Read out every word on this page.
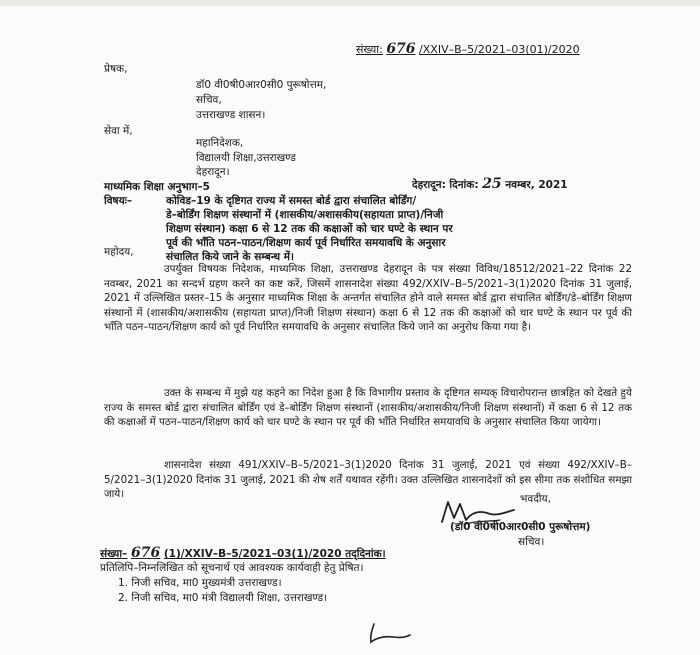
संख्या: 676 /XXIV–B–5/2021–03(01)/2020
प्रेषक,
डॉ0 वी0षी0आर0सी0 पुरूषोत्तम,
सचिव,
उत्तराखण्ड शासन।
सेवा में,
महानिदेशक,
विद्यालयी शिक्षा,उत्तराखण्ड
देहरादून।
माध्यमिक शिक्षा अनुभाग–5	देहरादून: दिनांक: 25 नवम्बर, 2021
विषयः–	कोविड–19 के दृष्टिगत राज्य में समस्त बोर्ड द्वारा संचालित बोर्डिंग/
डे–बोर्डिंग शिक्षण संस्थानों में (शासकीय/अशासकीय(सहायता प्राप्त)/निजी
शिक्षण संस्थान) कक्षा 6 से 12 तक की कक्षाओं को चार घण्टे के स्थान पर
पूर्व की भाँति पठन–पाठन/शिक्षण कार्य पूर्व निर्धारित समयावधि के अनुसार
संचालित किये जाने के सम्बन्ध में।
महोदय,
उपर्युक्त विषयक निदेशक, माध्यमिक शिक्षा, उत्तराखण्ड देहरादून के पत्र संख्या विविध/18512/2021–22 दिनांक 22 नवम्बर, 2021 का सन्दर्भ ग्रहण करने का कष्ट करें, जिसमें शासनादेश संख्या 492/XXIV–B–5/2021–3(1)2020 दिनांक 31 जुलाई, 2021 में उल्लिखित प्रस्तर–15 के अनुसार माध्यमिक शिक्षा के अन्तर्गत संचालित होने वाले समस्त बोर्ड द्वारा संचालित बोर्डिंग/डे–बोर्डिंग शिक्षण संस्थानों में (शासकीय/अशासकीय (सहायता प्राप्त)/निजी शिक्षण संस्थान) कक्षा 6 से 12 तक की कक्षाओं को चार घण्टे के स्थान पर पूर्व की भाँति पठन–पाठन/शिक्षण कार्य को पूर्व निर्धारित समयावधि के अनुसार संचालित किये जाने का अनुरोध किया गया है।
उक्त के सम्बन्ध में मुझे यह कहने का निदेश हुआ है कि विभागीय प्रस्ताव के दृष्टिगत सम्यक् विचारोपरान्त छात्रहित को देखते हुये राज्य के समस्त बोर्ड द्वारा संचालित बोर्डिंग एवं डे–बोर्डिंग शिक्षण संस्थानों (शासकीय/अशासकीय/निजी शिक्षण संस्थानों) में कक्षा 6 से 12 तक की कक्षाओं में पठन–पाठन/शिक्षण कार्य को चार घण्टे के स्थान पर पूर्व की भाँति निर्धारित समयावधि के अनुसार संचालित किया जायेगा।
शासनादेश संख्या 491/XXIV–B–5/2021–3(1)2020 दिनांक 31 जुलाई, 2021 एवं संख्या 492/XXIV–B–5/2021–3(1)2020 दिनांक 31 जुलाई, 2021 की शेष शर्तें यथावत रहेंगी। उक्त उल्लिखित शासनादेशों को इस सीमा तक संशोधित समझा जाये।	भवदीय,
(डॉ0 वी0षी0आर0सी0 पुरूषोत्तम)
सचिव।
संख्या– 676 (1)/XXIV–B–5/2021–03(1)/2020 तद्‌दिनांक।
प्रतिलिपि–निम्नलिखित को सूचनार्थ एवं आवश्यक कार्यवाही हेतु प्रेषित।
1. निजी सचिव, मा0 मुख्यमंत्री उत्तराखण्ड।
2. निजी सचिव, मा0 मंत्री विद्यालयी शिक्षा, उत्तराखण्ड।
